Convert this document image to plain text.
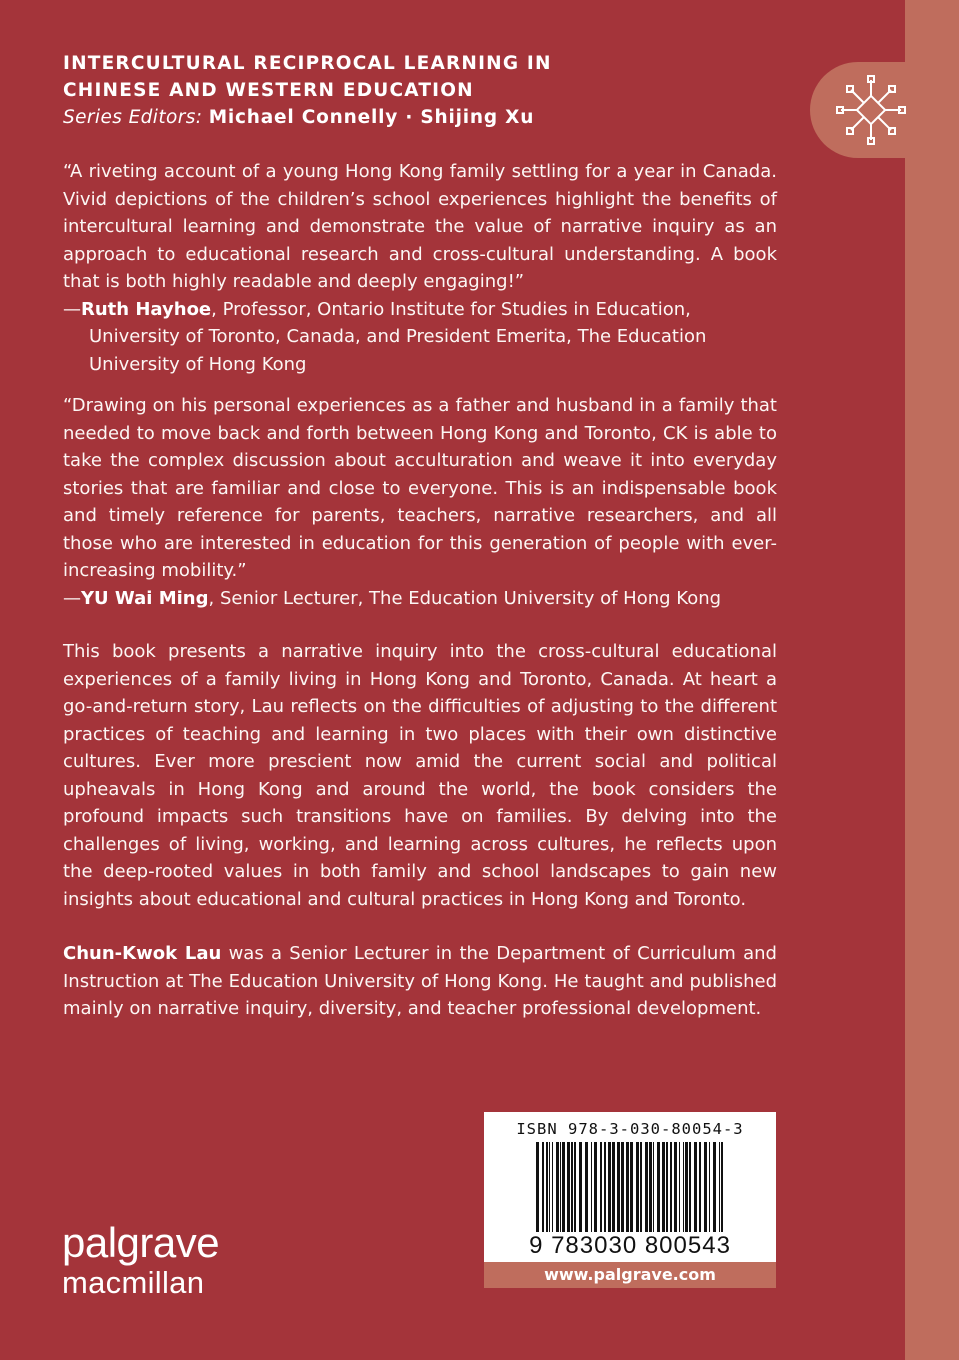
INTERCULTURAL RECIPROCAL LEARNING IN
CHINESE AND WESTERN EDUCATION
Series Editors: Michael Connelly · Shijing Xu
“A riveting account of a young Hong Kong family settling for a year in Canada. Vivid depictions of the children’s school experiences highlight the benefits of intercultural learning and demonstrate the value of narrative inquiry as an approach to educational research and cross-cultural understanding. A book that is both highly readable and deeply engaging!”
—Ruth Hayhoe, Professor, Ontario Institute for Studies in Education, University of Toronto, Canada, and President Emerita, The Education University of Hong Kong
“Drawing on his personal experiences as a father and husband in a family that needed to move back and forth between Hong Kong and Toronto, CK is able to take the complex discussion about acculturation and weave it into everyday stories that are familiar and close to everyone. This is an indispensable book and timely reference for parents, teachers, narrative researchers, and all those who are interested in education for this generation of people with ever-increasing mobility.”
—YU Wai Ming, Senior Lecturer, The Education University of Hong Kong
This book presents a narrative inquiry into the cross-cultural educational experiences of a family living in Hong Kong and Toronto, Canada. At heart a go-and-return story, Lau reflects on the difficulties of adjusting to the different practices of teaching and learning in two places with their own distinctive cultures. Ever more prescient now amid the current social and political upheavals in Hong Kong and around the world, the book considers the profound impacts such transitions have on families. By delving into the challenges of living, working, and learning across cultures, he reflects upon the deep-rooted values in both family and school landscapes to gain new insights about educational and cultural practices in Hong Kong and Toronto.
Chun-Kwok Lau was a Senior Lecturer in the Department of Curriculum and Instruction at The Education University of Hong Kong. He taught and published mainly on narrative inquiry, diversity, and teacher professional development.
palgrave
macmillan
ISBN 978-3-030-80054-3
9 783030 800543
www.palgrave.com
